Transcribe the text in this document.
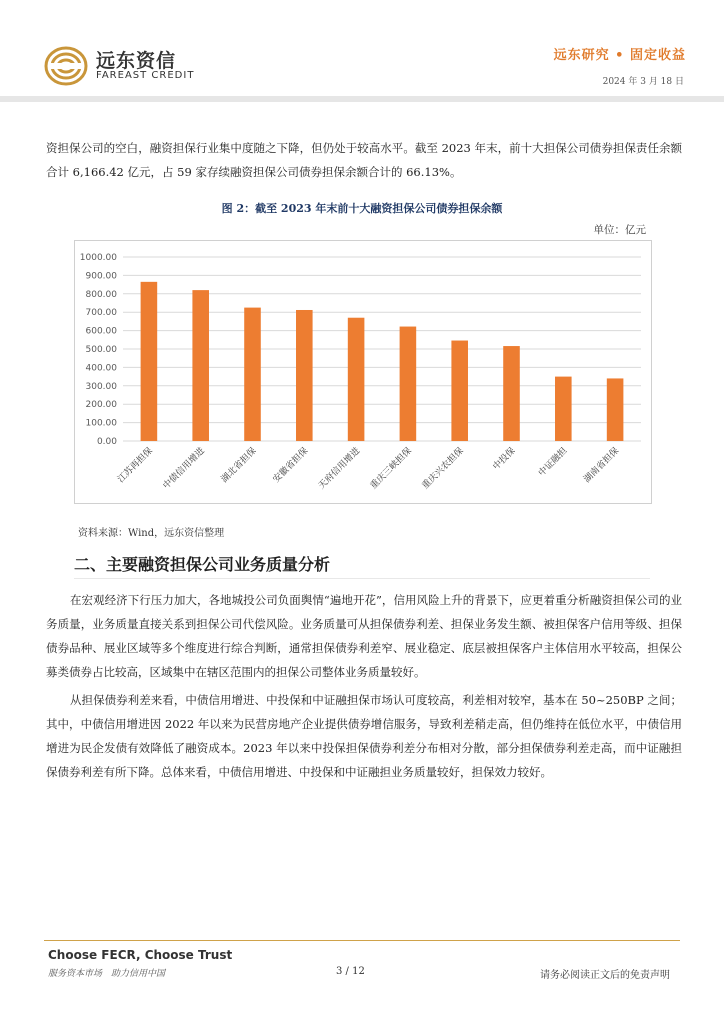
远东资信
FAREAST CREDIT
远东研究 • 固定收益
2024 年 3 月 18 日
资担保公司的空白，融资担保行业集中度随之下降，但仍处于较高水平。截至 2023 年末，前十大担保公司债券担保责任余额合计 6,166.42 亿元，占 59 家存续融资担保公司债券担保余额合计的 66.13%。
图 2：截至 2023 年末前十大融资担保公司债券担保余额
单位：亿元
0.00
100.00
200.00
300.00
400.00
500.00
600.00
700.00
800.00
900.00
1000.00
江苏再担保 中债信用增进 湖北省担保 安徽省担保 天府信用增进 重庆三峡担保 重庆兴农担保	中投保 中证融担 湖南省担保
资料来源：Wind，远东资信整理
二、主要融资担保公司业务质量分析
在宏观经济下行压力加大，各地城投公司负面舆情“遍地开花”，信用风险上升的背景下，应更着重分析融资担保公司的业务质量，业务质量直接关系到担保公司代偿风险。业务质量可从担保债券利差、担保业务发生额、被担保客户信用等级、担保债券品种、展业区域等多个维度进行综合判断，通常担保债券利差窄、展业稳定、底层被担保客户主体信用水平较高，担保公募类债券占比较高，区域集中在辖区范围内的担保公司整体业务质量较好。
从担保债券利差来看，中债信用增进、中投保和中证融担保市场认可度较高，利差相对较窄，基本在 50~250BP 之间；其中，中债信用增进因 2022 年以来为民营房地产企业提供债券增信服务，导致利差稍走高，但仍维持在低位水平，中债信用增进为民企发债有效降低了融资成本。2023 年以来中投保担保债券利差分布相对分散，部分担保债券利差走高，而中证融担保债券利差有所下降。总体来看，中债信用增进、中投保和中证融担业务质量较好，担保效力较好。
Choose FECR, Choose Trust
服务资本市场　助力信用中国	3 / 12	请务必阅读正文后的免责声明
